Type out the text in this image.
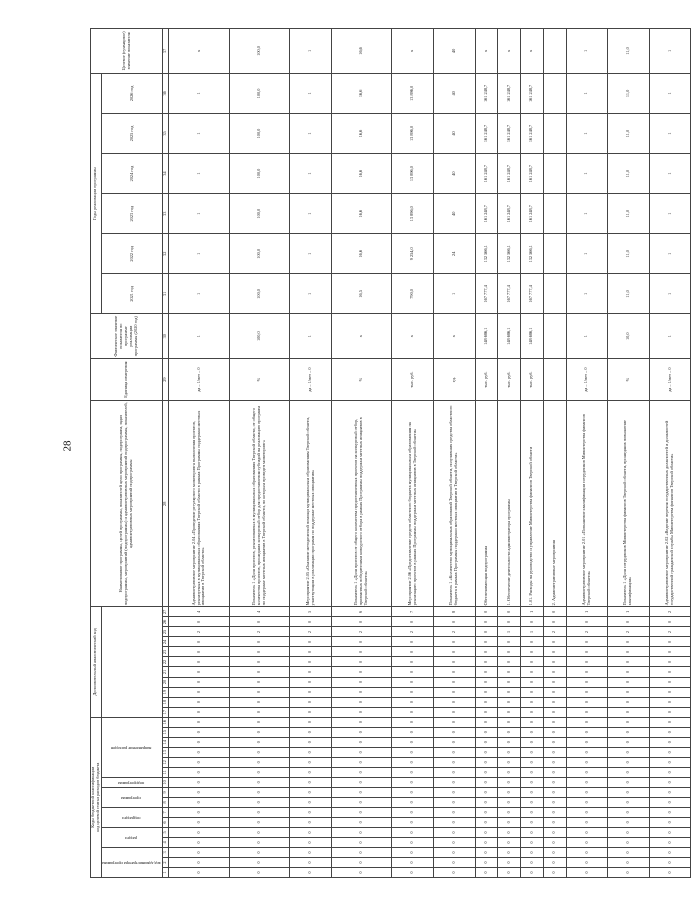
28
Коды бюджетной классификации
код целевой статьи расходов бюджета																Дополнительный аналитический код											Наименование программы, целей программы, показателей цели программы, подпрограмм, задач подпрограммы, мероприятий (подпрограммы) и административных мероприятий подпрограммы, показателей, административных мероприятий подпрограммы	Единица измерения	Фактическое значение показателя по программе реализации программы (2020 год)	Годы реализации программы						Целевое (суммарное) значение показателя
код администратора программы			раздел		подраздел		программа		подпрограмма	направление расходов																				2021 год	2022 год	2023 год	2024 год	2025 год	2026 год	

1	2	3	4	5	6	7	8	9	10	11	12	13	14	15	16	17	18	19	20	21	22	23	24	25	26	27	28	29	30	31	32	33	34	35	36	37
0	0	0	0	0	0	0	0	0	0	0	0	0	0	0	0	0	0	0	0	0	0	0	0	2	0	4	Административное мероприятие 2.04 «Проведение регулярного мониторинга выполнения проектов, реализуемых в муниципальных образованиях Тверской области в рамках Программы поддержки местных инициатив в Тверской области»	да – 1/нет – 0	1	1	1	1	1	1	1	х
0	0	0	0	0	0	0	0	0	0	0	0	0	0	0	0	0	0	0	0	0	0	0	0	2	0	4	Показатель 1 «Доля проектов, реализованных в муниципальных образованиях Тверской области, от общего количества проектов, прошедших конкурсный отбор для предоставления субсидий на реализацию программ по поддержке местных инициатив в Тверской области, по которым проведен мониторинг»	%	100,0	100,0	100,0	100,0	100,0	100,0	100,0	100,0
0	0	0	0	0	0	0	0	0	0	0	0	0	0	0	0	0	0	0	0	0	0	0	0	2	0	5	Мероприятие 2.05 «Оказание методической помощи муниципальным образованиям Тверской области, участвующим в реализации программ по поддержке местных инициатив»	да – 1/нет – 0	1	1	1	1	1	1	1	1
0	0	0	0	0	0	0	0	0	0	0	0	0	0	0	0	0	0	0	0	0	0	0	0	2	0	6	Показатель 1 «Доля проектов от общего количества предоставленных проектов на конкурсный отбор, признанных победителями конкурсного отбора в рамках Программы поддержки местных инициатив в Тверской области»	%	х	16,5	16,6	16,6	16,6	16,6	16,6	16,6
0	0	0	0	0	0	0	0	0	0	0	0	0	0	0	0	0	0	0	0	0	0	0	0	2	0	7	Мероприятие 2.06 «Предоставление средств областного бюджета муниципальным образованиям на реализацию проектов в рамках Программы поддержки местных инициатив в Тверской области»	тыс. руб.	х	790,0	9 254,0	13 896,0	13 896,0	13 896,0	13 896,0	х
0	0	0	0	0	0	0	0	0	0	0	0	0	0	0	0	0	0	0	0	0	0	0	0	2	0	8	Показатель 1 «Количество муниципальных образований Тверской области, получивших средства областного бюджета в рамках Программы поддержки местных инициатив в Тверской области»	ед.	х	1	24	40	40	40	40	40
0	0	0	0	0	0	0	0	0	0	0	0	0	0	0	0	0	0	0	0	0	0	0	0	0	0	0	Обеспечивающая подпрограмма	тыс. руб.	148 686,1	167 777,4	132 566,1	161 248,7	161 248,7	161 248,7	161 248,7	х
0	0	0	0	0	0	0	0	0	0	0	0	0	0	0	0	0	0	0	0	0	0	0	0	1	0	0	1. Обеспечение деятельности администратора программы	тыс. руб.	148 686,1	167 777,4	132 566,1	161 248,7	161 248,7	161 248,7	161 248,7	х
0	0	0	0	0	0	0	0	0	0	0	0	0	0	0	0	0	0	0	0	0	0	0	0	1	0	1	1.01. Расходы на руководство и управление Министерства финансов Тверской области	тыс. руб.	148 686,1	167 777,4	132 566,1	161 248,7	161 248,7	161 248,7	161 248,7	х
0	0	0	0	0	0	0	0	0	0	0	0	0	0	0	0	0	0	0	0	0	0	0	0	2	0	0	2. Административные мероприятия									
0	0	0	0	0	0	0	0	0	0	0	0	0	0	0	0	0	0	0	0	0	0	0	0	2	0	1	Административное мероприятие 2.01 «Повышение квалификации сотрудников Министерства финансов Тверской области»	да – 1/нет – 0	1	1	1	1	1	1	1	1
0	0	0	0	0	0	0	0	0	0	0	0	0	0	0	0	0	0	0	0	0	0	0	0	2	0	1	Показатель 1 «Доля сотрудников Министерства финансов Тверской области, прошедших повышение квалификации»	%	10,0	11,0	11,0	11,0	11,0	11,0	11,0	11,0
0	0	0	0	0	0	0	0	0	0	0	0	0	0	0	0	0	0	0	0	0	0	0	0	2	0	2	Административное мероприятие 2.02 «Ведение перечня государственных должностей и должностей государственной гражданской службы Министерства финансов Тверской области»	да – 1/нет – 0	1	1	1	1	1	1	1	1
